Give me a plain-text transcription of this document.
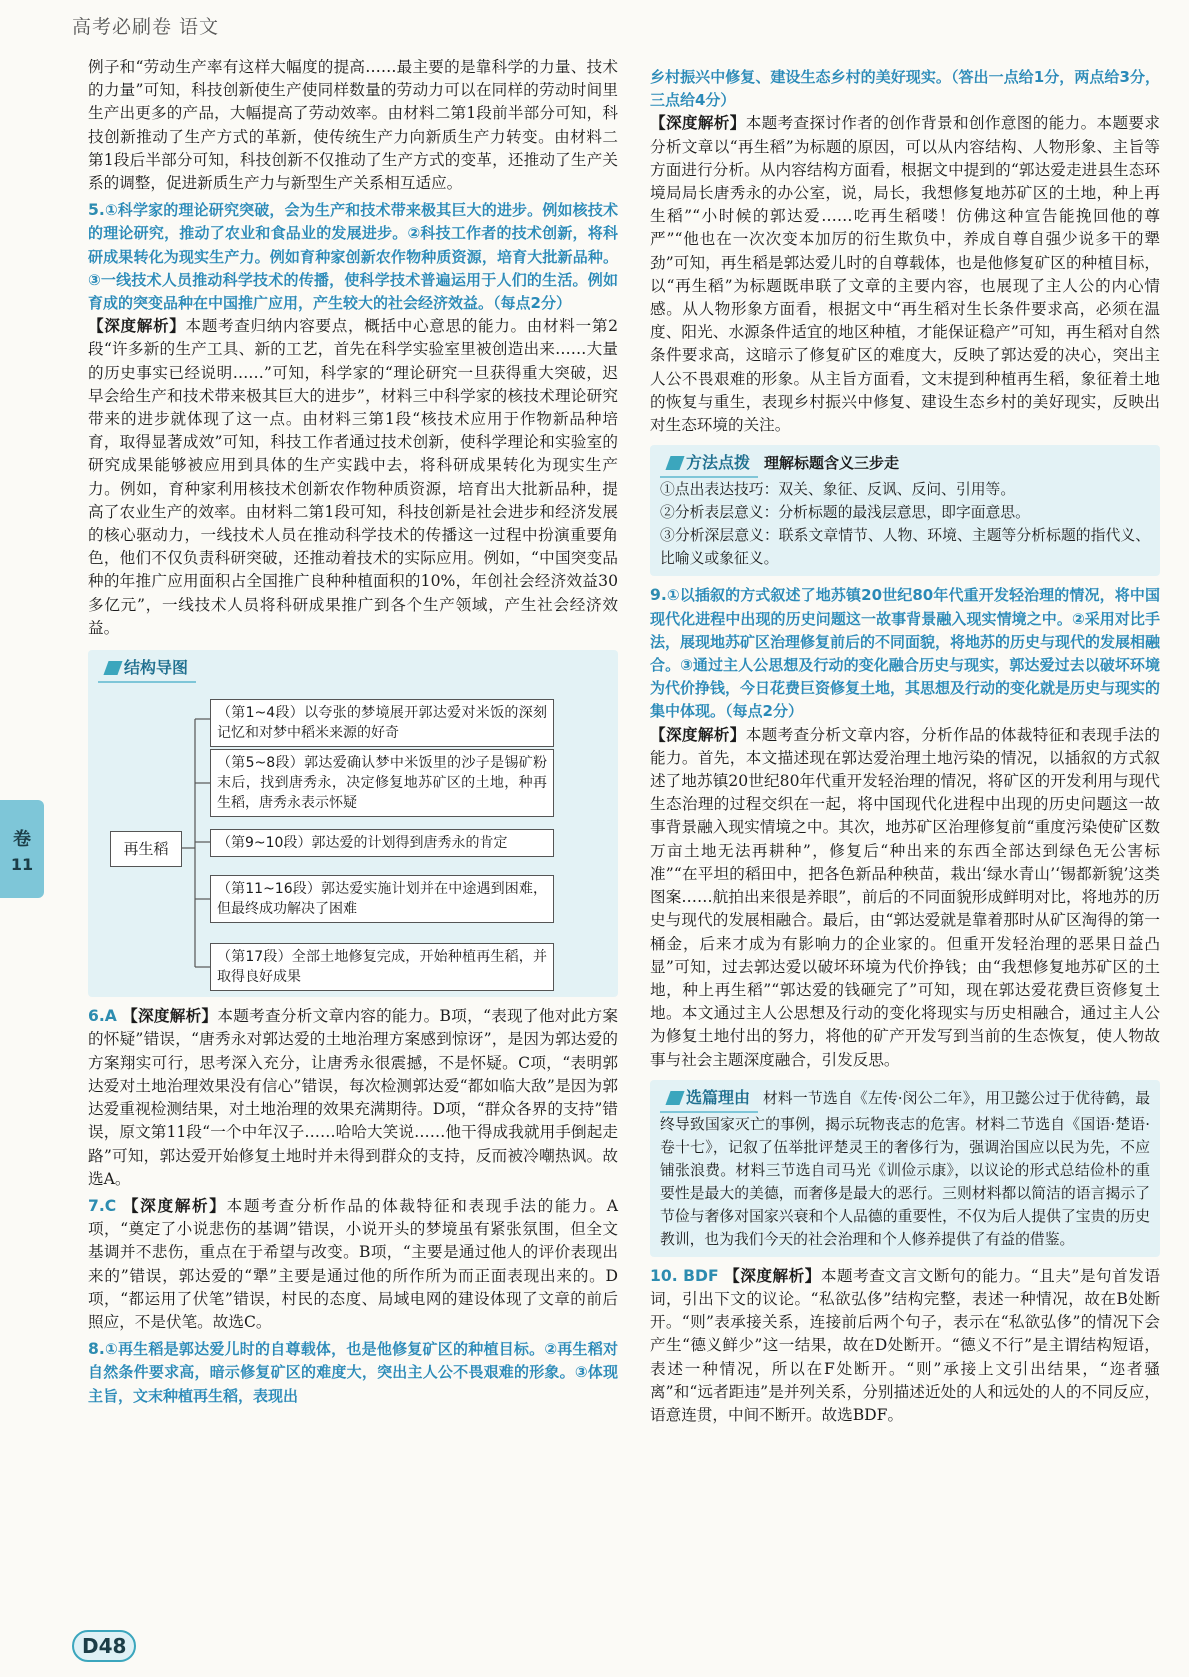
高考必刷卷 语文
卷
11

例子和“劳动生产率有这样大幅度的提高……最主要的是靠科学的力量、技术的力量”可知，科技创新使生产使同样数量的劳动力可以在同样的劳动时间里生产出更多的产品，大幅提高了劳动效率。由材料二第1段前半部分可知，科技创新推动了生产方式的革新，使传统生产力向新质生产力转变。由材料二第1段后半部分可知，科技创新不仅推动了生产方式的变革，还推动了生产关系的调整，促进新质生产力与新型生产关系相互适应。

5.①科学家的理论研究突破，会为生产和技术带来极其巨大的进步。例如核技术的理论研究，推动了农业和食品业的发展进步。②科技工作者的技术创新，将科研成果转化为现实生产力。例如育种家创新农作物种质资源，培育大批新品种。③一线技术人员推动科学技术的传播，使科学技术普遍运用于人们的生活。例如育成的突变品种在中国推广应用，产生较大的社会经济效益。（每点2分）

【深度解析】本题考查归纳内容要点，概括中心意思的能力。由材料一第2段“许多新的生产工具、新的工艺，首先在科学实验室里被创造出来……大量的历史事实已经说明……”可知，科学家的“理论研究一旦获得重大突破，迟早会给生产和技术带来极其巨大的进步”，材料三中科学家的核技术理论研究带来的进步就体现了这一点。由材料三第1段“核技术应用于作物新品种培育，取得显著成效”可知，科技工作者通过技术创新，使科学理论和实验室的研究成果能够被应用到具体的生产实践中去，将科研成果转化为现实生产力。例如，育种家利用核技术创新农作物种质资源，培育出大批新品种，提高了农业生产的效率。由材料二第1段可知，科技创新是社会进步和经济发展的核心驱动力，一线技术人员在推动科学技术的传播这一过程中扮演重要角色，他们不仅负责科研突破，还推动着技术的实际应用。例如，“中国突变品种的年推广应用面积占全国推广良种种植面积的10%，年创社会经济效益30多亿元”，一线技术人员将科研成果推广到各个生产领域，产生社会经济效益。

结构导图
再生稻
（第1~4段）以夸张的梦境展开郭达爱对米饭的深刻记忆和对梦中稻米来源的好奇
（第5~8段）郭达爱确认梦中米饭里的沙子是锡矿粉末后，找到唐秀永，决定修复地苏矿区的土地，种再生稻，唐秀永表示怀疑
（第9~10段）郭达爱的计划得到唐秀永的肯定
（第11~16段）郭达爱实施计划并在中途遇到困难，但最终成功解决了困难
（第17段）全部土地修复完成，开始种植再生稻，并取得良好成果

6.A 【深度解析】本题考查分析文章内容的能力。B项，“表现了他对此方案的怀疑”错误，“唐秀永对郭达爱的土地治理方案感到惊讶”，是因为郭达爱的方案翔实可行，思考深入充分，让唐秀永很震撼，不是怀疑。C项，“表明郭达爱对土地治理效果没有信心”错误，每次检测郭达爱“都如临大敌”是因为郭达爱重视检测结果，对土地治理的效果充满期待。D项，“群众各界的支持”错误，原文第11段“一个中年汉子……哈哈大笑说……他干得成我就用手倒起走路”可知，郭达爱开始修复土地时并未得到群众的支持，反而被冷嘲热讽。故选A。

7.C 【深度解析】本题考查分析作品的体裁特征和表现手法的能力。A项，“奠定了小说悲伤的基调”错误，小说开头的梦境虽有紧张氛围，但全文基调并不悲伤，重点在于希望与改变。B项，“主要是通过他人的评价表现出来的”错误，郭达爱的“犟”主要是通过他的所作所为而正面表现出来的。D项，“都运用了伏笔”错误，村民的态度、局域电网的建设体现了文章的前后照应，不是伏笔。故选C。

8.①再生稻是郭达爱儿时的自尊载体，也是他修复矿区的种植目标。②再生稻对自然条件要求高，暗示修复矿区的难度大，突出主人公不畏艰难的形象。③体现主旨，文末种植再生稻，表现出

乡村振兴中修复、建设生态乡村的美好现实。（答出一点给1分，两点给3分，三点给4分）

【深度解析】本题考查探讨作者的创作背景和创作意图的能力。本题要求分析文章以“再生稻”为标题的原因，可以从内容结构、人物形象、主旨等方面进行分析。从内容结构方面看，根据文中提到的“郭达爱走进县生态环境局局长唐秀永的办公室，说，局长，我想修复地苏矿区的土地，种上再生稻”“小时候的郭达爱……吃再生稻喽！仿佛这种宣告能挽回他的尊严”“他也在一次次变本加厉的衍生欺负中，养成自尊自强少说多干的犟劲”可知，再生稻是郭达爱儿时的自尊载体，也是他修复矿区的种植目标，以“再生稻”为标题既串联了文章的主要内容，也展现了主人公的内心情感。从人物形象方面看，根据文中“再生稻对生长条件要求高，必须在温度、阳光、水源条件适宜的地区种植，才能保证稳产”可知，再生稻对自然条件要求高，这暗示了修复矿区的难度大，反映了郭达爱的决心，突出主人公不畏艰难的形象。从主旨方面看，文末提到种植再生稻，象征着土地的恢复与重生，表现乡村振兴中修复、建设生态乡村的美好现实，反映出对生态环境的关注。

方法点拨 理解标题含义三步走

①点出表达技巧：双关、象征、反讽、反问、引用等。

②分析表层意义：分析标题的最浅层意思，即字面意思。

③分析深层意义：联系文章情节、人物、环境、主题等分析标题的指代义、比喻义或象征义。

9.①以插叙的方式叙述了地苏镇20世纪80年代重开发轻治理的情况，将中国现代化进程中出现的历史问题这一故事背景融入现实情境之中。②采用对比手法，展现地苏矿区治理修复前后的不同面貌，将地苏的历史与现代的发展相融合。③通过主人公思想及行动的变化融合历史与现实，郭达爱过去以破坏环境为代价挣钱，今日花费巨资修复土地，其思想及行动的变化就是历史与现实的集中体现。（每点2分）

【深度解析】本题考查分析文章内容，分析作品的体裁特征和表现手法的能力。首先，本文描述现在郭达爱治理土地污染的情况，以插叙的方式叙述了地苏镇20世纪80年代重开发轻治理的情况，将矿区的开发利用与现代生态治理的过程交织在一起，将中国现代化进程中出现的历史问题这一故事背景融入现实情境之中。其次，地苏矿区治理修复前“重度污染使矿区数万亩土地无法再耕种”，修复后“种出来的东西全部达到绿色无公害标准”“在平坦的稻田中，把各色新品种秧苗，栽出‘绿水青山’‘锡都新貌’这类图案……航拍出来很是养眼”，前后的不同面貌形成鲜明对比，将地苏的历史与现代的发展相融合。最后，由“郭达爱就是靠着那时从矿区淘得的第一桶金，后来才成为有影响力的企业家的。但重开发轻治理的恶果日益凸显”可知，过去郭达爱以破坏环境为代价挣钱；由“我想修复地苏矿区的土地，种上再生稻”“郭达爱的钱砸完了”可知，现在郭达爱花费巨资修复土地。本文通过主人公思想及行动的变化将现实与历史相融合，通过主人公为修复土地付出的努力，将他的矿产开发写到当前的生态恢复，使人物故事与社会主题深度融合，引发反思。

选篇理由 材料一节选自《左传·闵公二年》，用卫懿公过于优待鹤，最终导致国家灭亡的事例，揭示玩物丧志的危害。材料二节选自《国语·楚语·卷十七》，记叙了伍举批评楚灵王的奢侈行为，强调治国应以民为先，不应铺张浪费。材料三节选自司马光《训俭示康》，以议论的形式总结俭朴的重要性是最大的美德，而奢侈是最大的恶行。三则材料都以简洁的语言揭示了节俭与奢侈对国家兴衰和个人品德的重要性，不仅为后人提供了宝贵的历史教训，也为我们今天的社会治理和个人修养提供了有益的借鉴。

10. BDF 【深度解析】本题考查文言文断句的能力。“且夫”是句首发语词，引出下文的议论。“私欲弘侈”结构完整，表述一种情况，故在B处断开。“则”表承接关系，连接前后两个句子，表示在“私欲弘侈”的情况下会产生“德义鲜少”这一结果，故在D处断开。“德义不行”是主谓结构短语，表述一种情况，所以在F处断开。“则”承接上文引出结果，“迩者骚离”和“远者距违”是并列关系，分别描述近处的人和远处的人的不同反应，语意连贯，中间不断开。故选BDF。

D48
